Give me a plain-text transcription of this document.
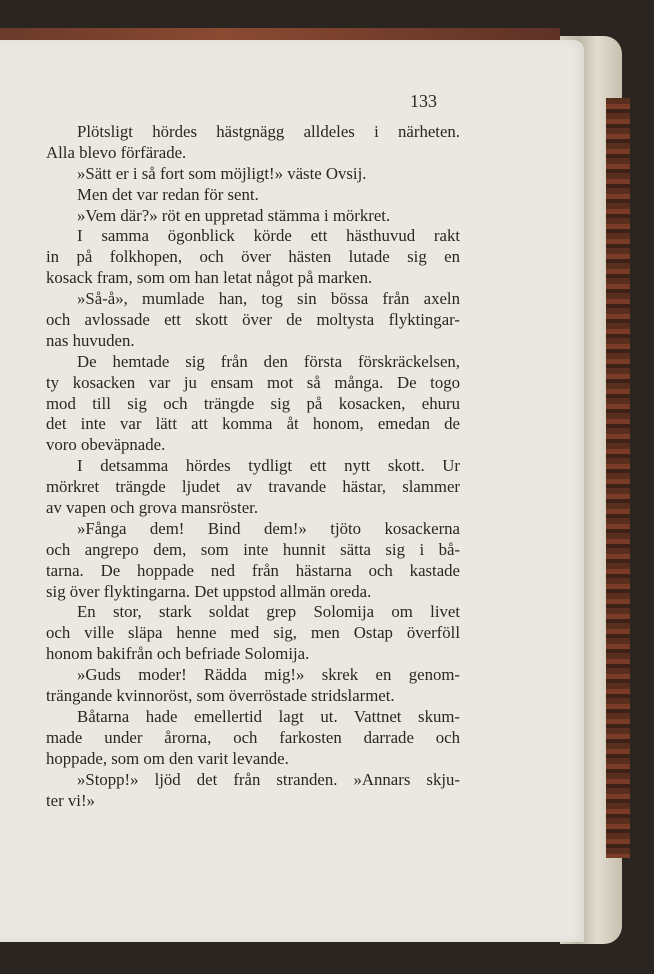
133
Plötsligt hördes hästgnägg alldeles i närheten.
Alla blevo förfärade.
»Sätt er i så fort som möjligt!» väste Ovsij.
Men det var redan för sent.
»Vem där?» röt en uppretad stämma i mörkret.
I samma ögonblick körde ett hästhuvud rakt
in på folkhopen, och över hästen lutade sig en
kosack fram, som om han letat något på marken.
»Så-å», mumlade han, tog sin bössa från axeln
och avlossade ett skott över de moltysta flyktingar-
nas huvuden.
De hemtade sig från den första förskräckelsen,
ty kosacken var ju ensam mot så många. De togo
mod till sig och trängde sig på kosacken, ehuru
det inte var lätt att komma åt honom, emedan de
voro obeväpnade.
I detsamma hördes tydligt ett nytt skott. Ur
mörkret trängde ljudet av travande hästar, slammer
av vapen och grova mansröster.
»Fånga dem! Bind dem!» tjöto kosackerna
och angrepo dem, som inte hunnit sätta sig i bå-
tarna. De hoppade ned från hästarna och kastade
sig över flyktingarna. Det uppstod allmän oreda.
En stor, stark soldat grep Solomija om livet
och ville släpa henne med sig, men Ostap överföll
honom bakifrån och befriade Solomija.
»Guds moder! Rädda mig!» skrek en genom-
trängande kvinnoröst, som överröstade stridslarmet.
Båtarna hade emellertid lagt ut. Vattnet skum-
made under årorna, och farkosten darrade och
hoppade, som om den varit levande.
»Stopp!» ljöd det från stranden. »Annars skju-
ter vi!»
